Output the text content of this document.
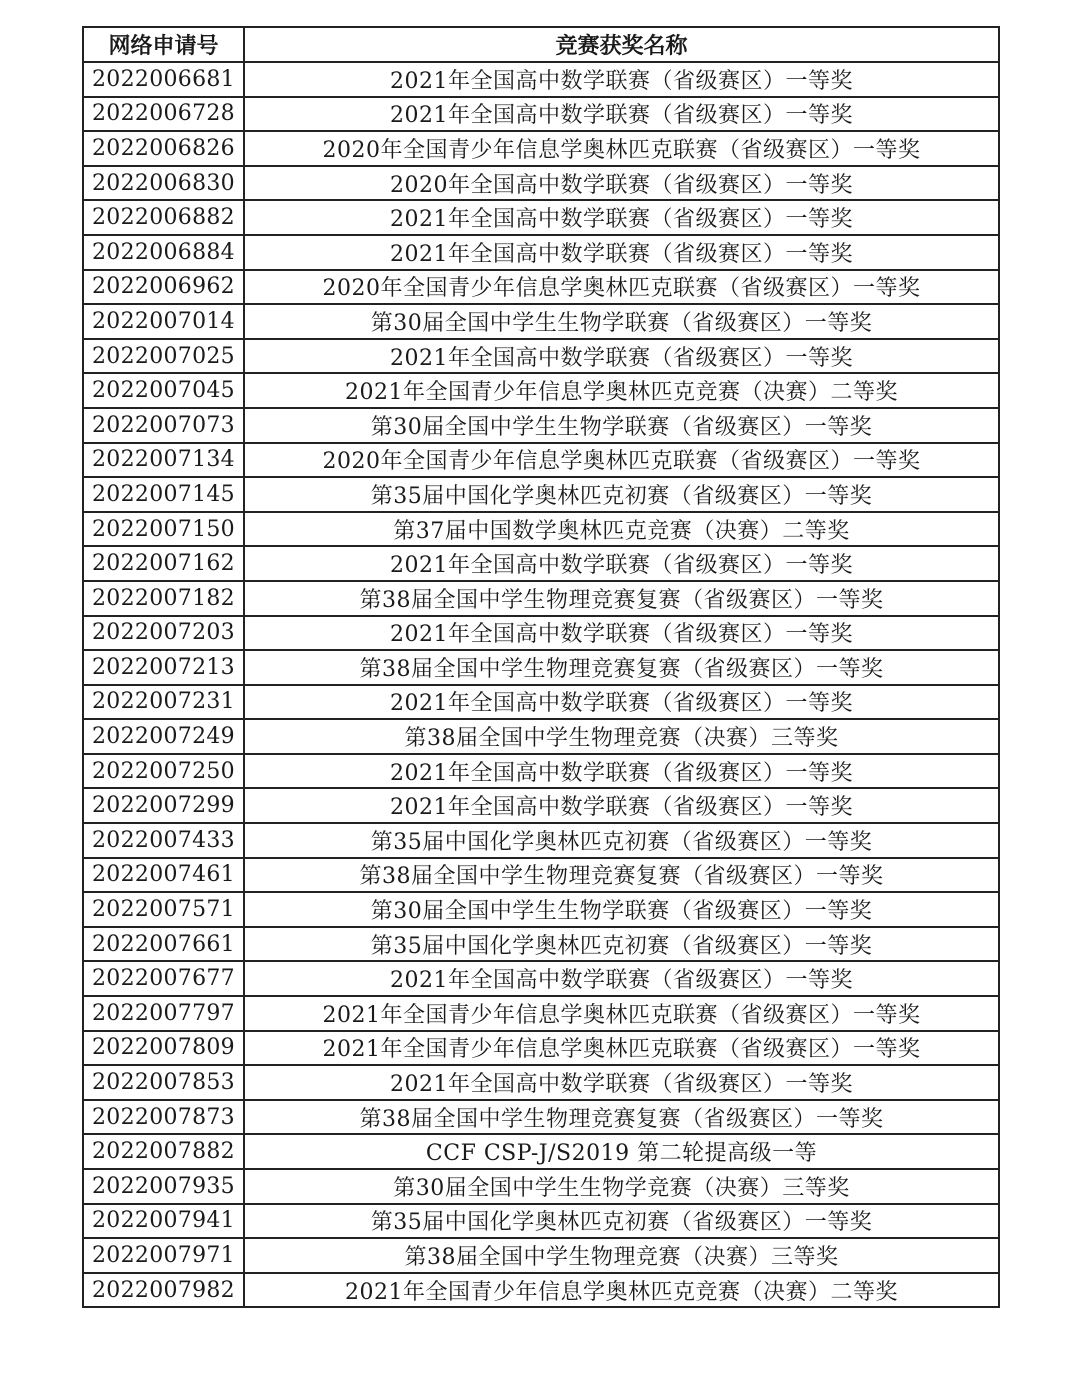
网络申请号	竞赛获奖名称
2022006681	2021年全国高中数学联赛（省级赛区）一等奖
2022006728	2021年全国高中数学联赛（省级赛区）一等奖
2022006826	2020年全国青少年信息学奥林匹克联赛（省级赛区）一等奖
2022006830	2020年全国高中数学联赛（省级赛区）一等奖
2022006882	2021年全国高中数学联赛（省级赛区）一等奖
2022006884	2021年全国高中数学联赛（省级赛区）一等奖
2022006962	2020年全国青少年信息学奥林匹克联赛（省级赛区）一等奖
2022007014	第30届全国中学生生物学联赛（省级赛区）一等奖
2022007025	2021年全国高中数学联赛（省级赛区）一等奖
2022007045	2021年全国青少年信息学奥林匹克竞赛（决赛）二等奖
2022007073	第30届全国中学生生物学联赛（省级赛区）一等奖
2022007134	2020年全国青少年信息学奥林匹克联赛（省级赛区）一等奖
2022007145	第35届中国化学奥林匹克初赛（省级赛区）一等奖
2022007150	第37届中国数学奥林匹克竞赛（决赛）二等奖
2022007162	2021年全国高中数学联赛（省级赛区）一等奖
2022007182	第38届全国中学生物理竞赛复赛（省级赛区）一等奖
2022007203	2021年全国高中数学联赛（省级赛区）一等奖
2022007213	第38届全国中学生物理竞赛复赛（省级赛区）一等奖
2022007231	2021年全国高中数学联赛（省级赛区）一等奖
2022007249	第38届全国中学生物理竞赛（决赛）三等奖
2022007250	2021年全国高中数学联赛（省级赛区）一等奖
2022007299	2021年全国高中数学联赛（省级赛区）一等奖
2022007433	第35届中国化学奥林匹克初赛（省级赛区）一等奖
2022007461	第38届全国中学生物理竞赛复赛（省级赛区）一等奖
2022007571	第30届全国中学生生物学联赛（省级赛区）一等奖
2022007661	第35届中国化学奥林匹克初赛（省级赛区）一等奖
2022007677	2021年全国高中数学联赛（省级赛区）一等奖
2022007797	2021年全国青少年信息学奥林匹克联赛（省级赛区）一等奖
2022007809	2021年全国青少年信息学奥林匹克联赛（省级赛区）一等奖
2022007853	2021年全国高中数学联赛（省级赛区）一等奖
2022007873	第38届全国中学生物理竞赛复赛（省级赛区）一等奖
2022007882	CCF CSP-J/S2019 第二轮提高级一等
2022007935	第30届全国中学生生物学竞赛（决赛）三等奖
2022007941	第35届中国化学奥林匹克初赛（省级赛区）一等奖
2022007971	第38届全国中学生物理竞赛（决赛）三等奖
2022007982	2021年全国青少年信息学奥林匹克竞赛（决赛）二等奖
